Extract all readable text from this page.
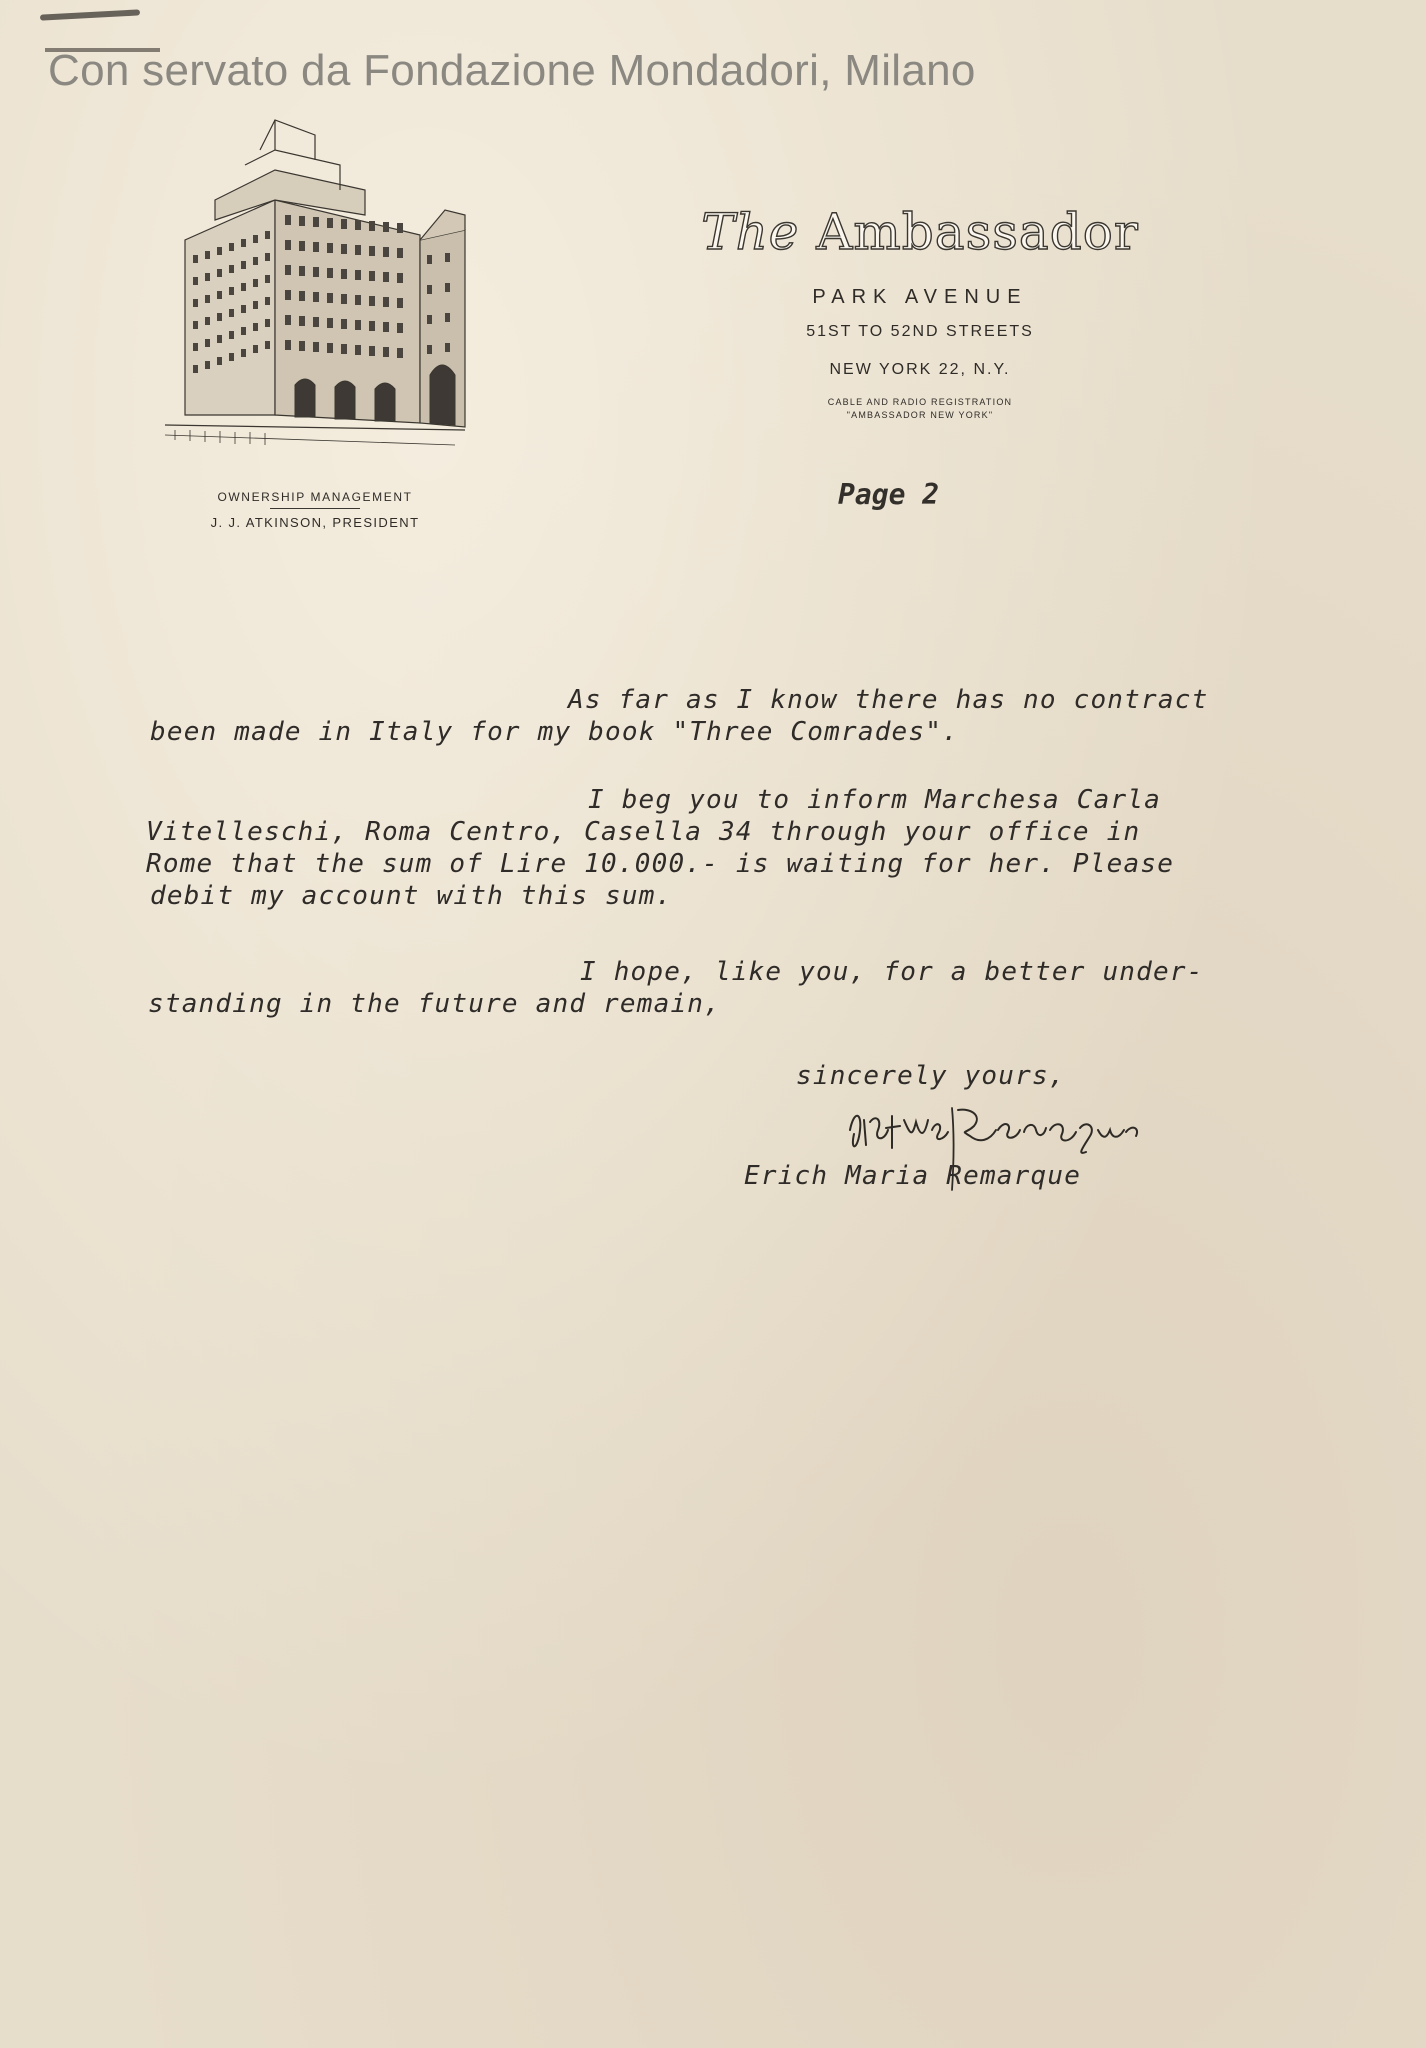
Con servato da Fondazione Mondadori, Milano
OWNERSHIP MANAGEMENT
J. J. ATKINSON, PRESIDENT
The Ambassador
PARK AVENUE
51ST TO 52ND STREETS
NEW YORK 22, N.Y.
CABLE AND RADIO REGISTRATION
"AMBASSADOR NEW YORK"
Page 2
As far as I know there has no contract
been made in Italy for my book "Three Comrades".
I beg you to inform Marchesa Carla
Vitelleschi, Roma Centro, Casella 34 through your office in
Rome that the sum of Lire 10.000.- is waiting for her. Please
debit my account with this sum.
I hope, like you, for a better under-
standing in the future and remain,
sincerely yours,
Erich Maria Remarque
